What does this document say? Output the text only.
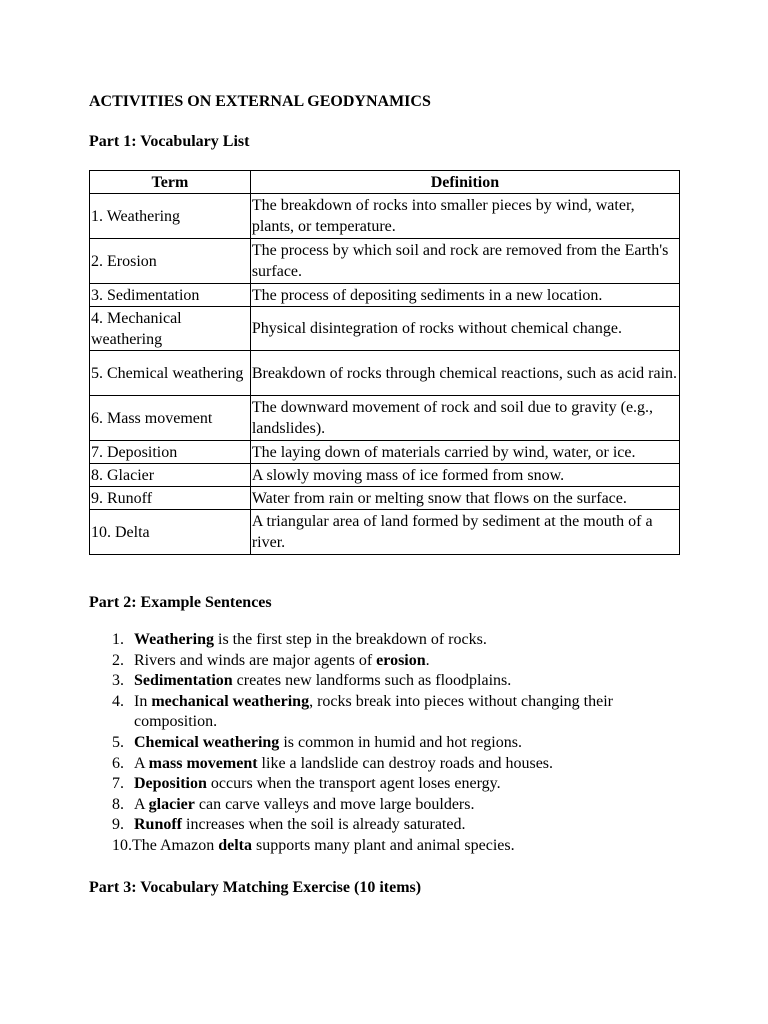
ACTIVITIES ON EXTERNAL GEODYNAMICS
Part 1: Vocabulary List
Term	Definition
1. Weathering	The breakdown of rocks into smaller pieces by wind, water, plants, or temperature.
2. Erosion	The process by which soil and rock are removed from the Earth's surface.
3. Sedimentation	The process of depositing sediments in a new location.
4. Mechanical weathering	Physical disintegration of rocks without chemical change.
5. Chemical weathering	Breakdown of rocks through chemical reactions, such as acid rain.
6. Mass movement	The downward movement of rock and soil due to gravity (e.g., landslides).
7. Deposition	The laying down of materials carried by wind, water, or ice.
8. Glacier	A slowly moving mass of ice formed from snow.
9. Runoff	Water from rain or melting snow that flows on the surface.
10. Delta	A triangular area of land formed by sediment at the mouth of a river.
Part 2: Example Sentences
1. Weathering is the first step in the breakdown of rocks.
2. Rivers and winds are major agents of erosion.
3. Sedimentation creates new landforms such as floodplains.
4. In mechanical weathering, rocks break into pieces without changing their composition.
5. Chemical weathering is common in humid and hot regions.
6. A mass movement like a landslide can destroy roads and houses.
7. Deposition occurs when the transport agent loses energy.
8. A glacier can carve valleys and move large boulders.
9. Runoff increases when the soil is already saturated.
10.The Amazon delta supports many plant and animal species.
Part 3: Vocabulary Matching Exercise (10 items)
